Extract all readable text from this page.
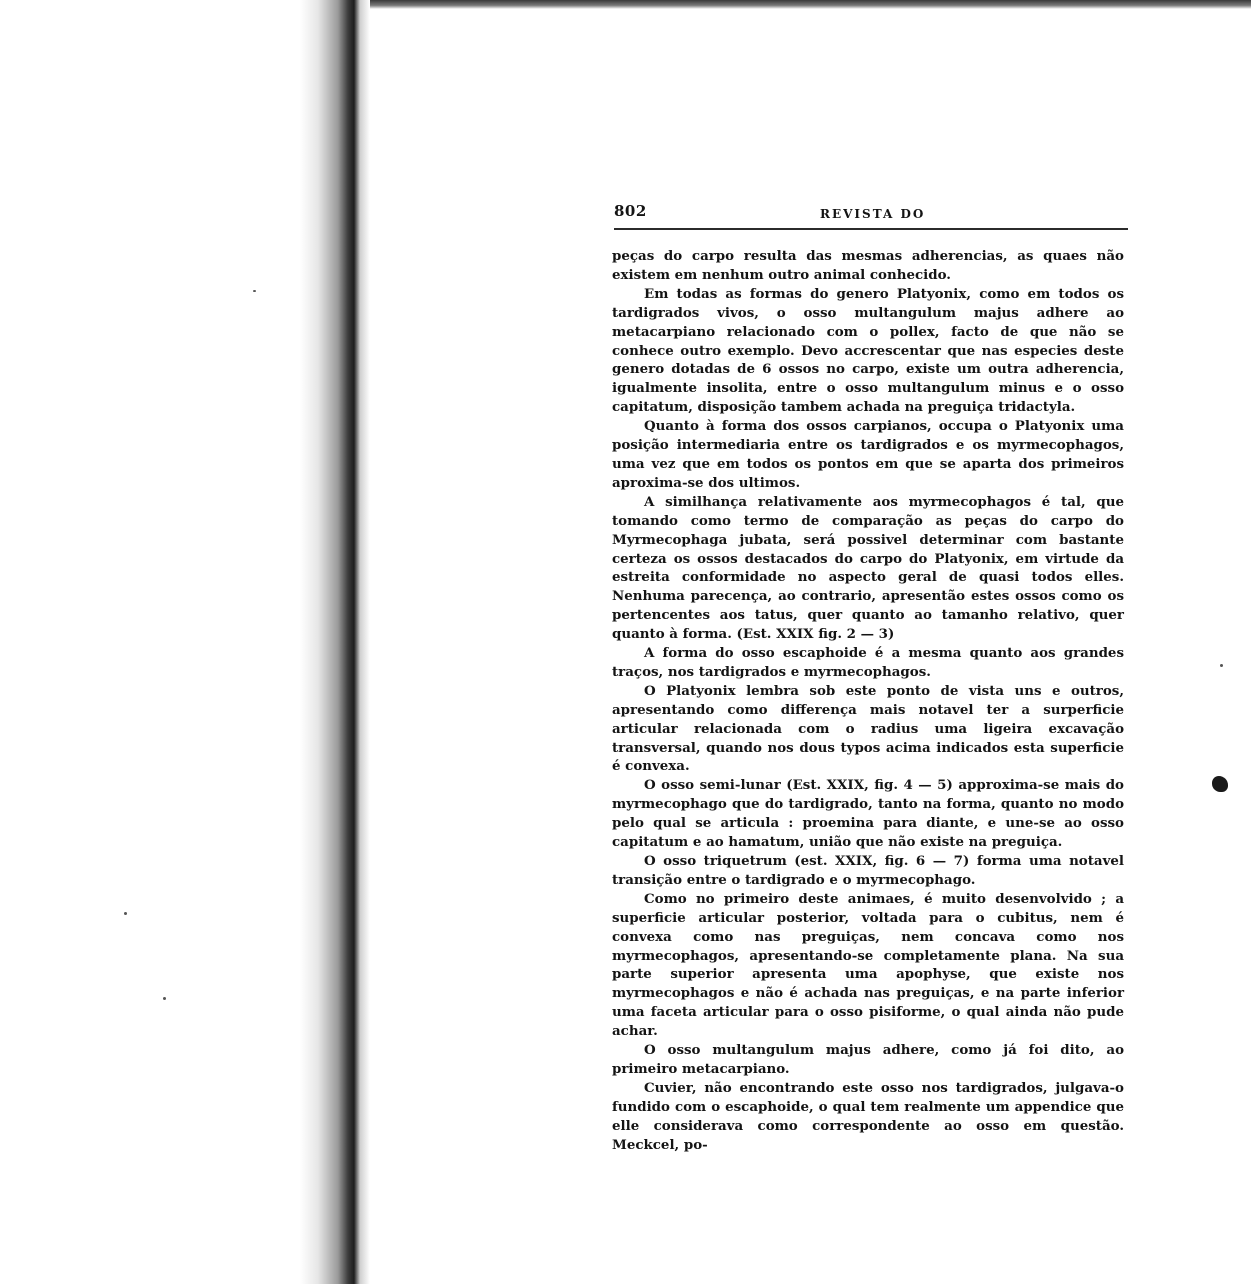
802	REVISTA DO

peças do carpo resulta das mesmas adherencias, as quaes não existem em nenhum outro animal conhecido.

Em todas as formas do genero Platyonix, como em todos os tardigrados vivos, o osso multangulum majus adhere ao metacarpiano relacionado com o pollex, facto de que não se conhece outro exemplo. Devo accrescentar que nas especies deste genero dotadas de 6 ossos no carpo, existe um outra adherencia, igualmente insolita, entre o osso multangulum minus e o osso capitatum, disposição tambem achada na preguiça tridactyla.

Quanto à forma dos ossos carpianos, occupa o Platyonix uma posição intermediaria entre os tardigrados e os myrmecophagos, uma vez que em todos os pontos em que se aparta dos primeiros aproxima-se dos ultimos.

A similhança relativamente aos myrmecophagos é tal, que tomando como termo de comparação as peças do carpo do Myrmecophaga jubata, será possivel determinar com bastante certeza os ossos destacados do carpo do Platyonix, em virtude da estreita conformidade no aspecto geral de quasi todos elles. Nenhuma parecença, ao contrario, apresentão estes ossos como os pertencentes aos tatus, quer quanto ao tamanho relativo, quer quanto à forma. (Est. XXIX fig. 2 — 3)

A forma do osso escaphoide é a mesma quanto aos grandes traços, nos tardigrados e myrmecophagos.

O Platyonix lembra sob este ponto de vista uns e outros, apresentando como differença mais notavel ter a surperficie articular relacionada com o radius uma ligeira excavação transversal, quando nos dous typos acima indicados esta superficie é convexa.

O osso semi-lunar (Est. XXIX, fig. 4 — 5) approxima-se mais do myrmecophago que do tardigrado, tanto na forma, quanto no modo pelo qual se articula : proemina para diante, e une-se ao osso capitatum e ao hamatum, união que não existe na preguiça.

O osso triquetrum (est. XXIX, fig. 6 — 7) forma uma notavel transição entre o tardigrado e o myrmecophago.

Como no primeiro deste animaes, é muito desenvolvido ; a superficie articular posterior, voltada para o cubitus, nem é convexa como nas preguiças, nem concava como nos myrmecophagos, apresentando-se completamente plana. Na sua parte superior apresenta uma apophyse, que existe nos myrmecophagos e não é achada nas preguiças, e na parte inferior uma faceta articular para o osso pisiforme, o qual ainda não pude achar.

O osso multangulum majus adhere, como já foi dito, ao primeiro metacarpiano.

Cuvier, não encontrando este osso nos tardigrados, julgava-o fundido com o escaphoide, o qual tem realmente um appendice que elle considerava como correspondente ao osso em questão. Meckcel, po-
